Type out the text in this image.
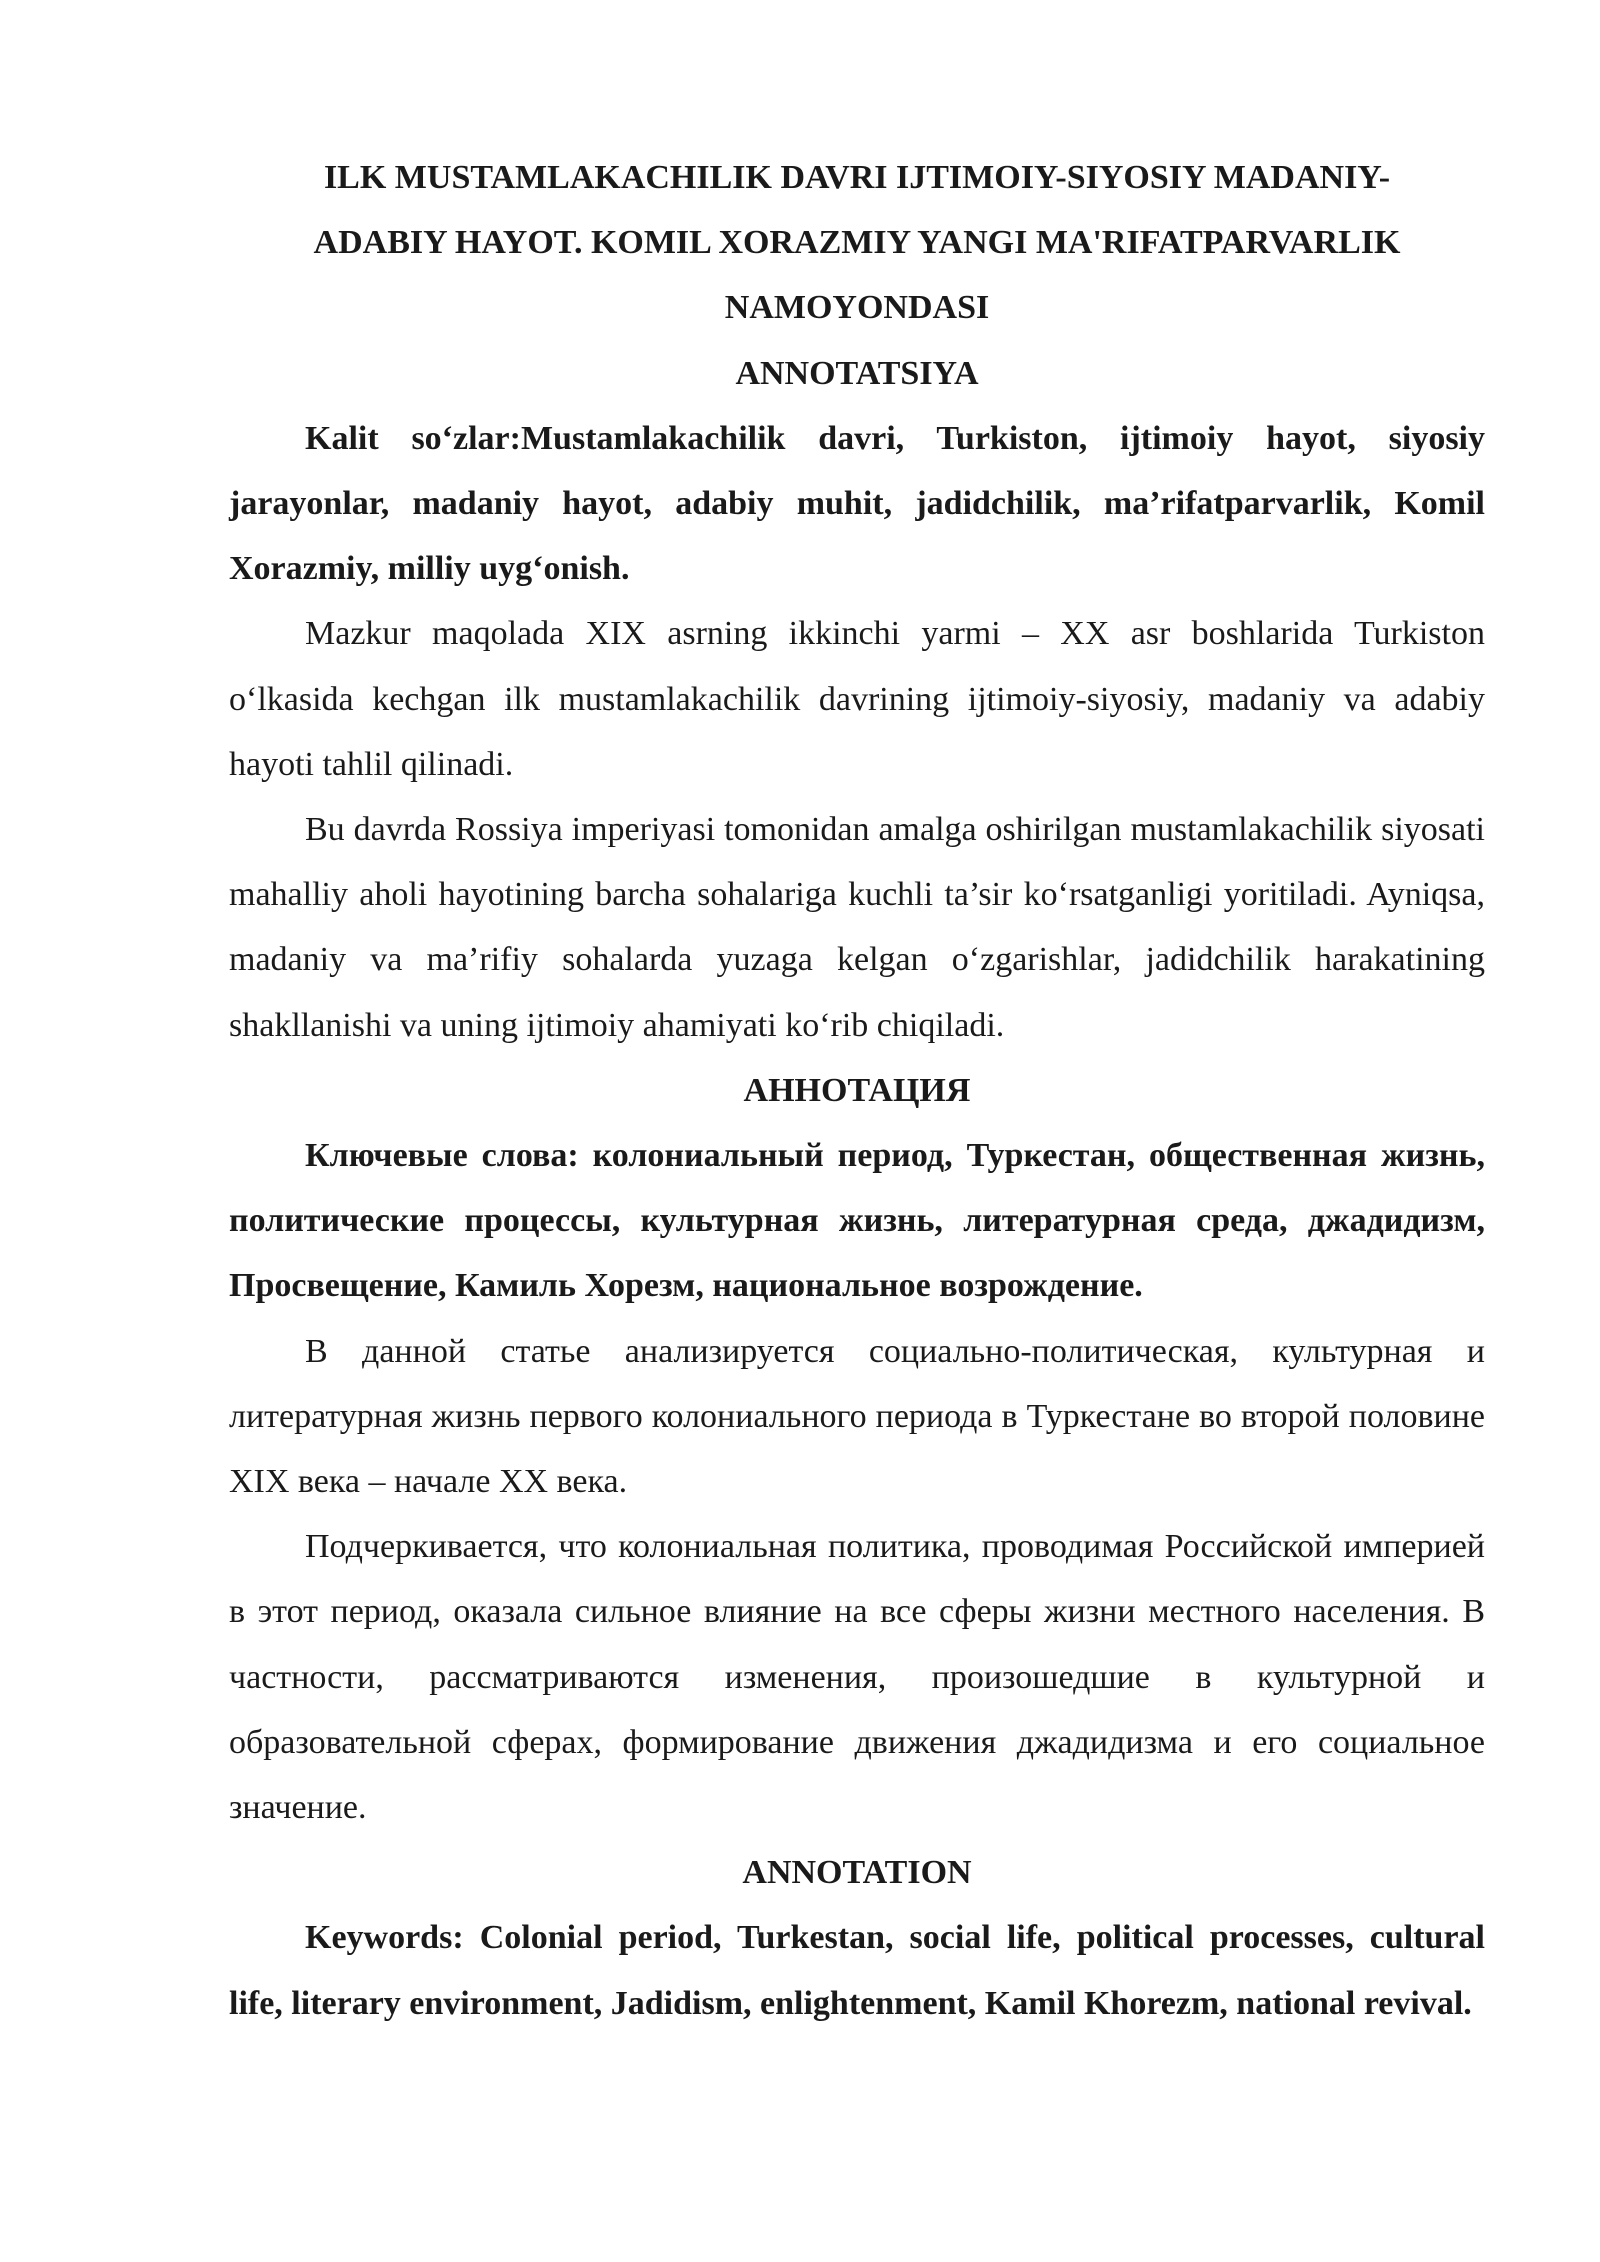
ILK MUSTAMLAKACHILIK DAVRI IJTIMOIY-SIYOSIY MADANIY-ADABIY HAYOT. KOMIL XORAZMIY YANGI MA'RIFATPARVARLIK NAMOYONDASI
ANNOTATSIYA

Kalit so‘zlar:Mustamlakachilik davri, Turkiston, ijtimoiy hayot, siyosiy jarayonlar, madaniy hayot, adabiy muhit, jadidchilik, ma’rifatparvarlik, Komil Xorazmiy, milliy uyg‘onish.

Mazkur maqolada XIX asrning ikkinchi yarmi – XX asr boshlarida Turkiston o‘lkasida kechgan ilk mustamlakachilik davrining ijtimoiy-siyosiy, madaniy va adabiy hayoti tahlil qilinadi.

Bu davrda Rossiya imperiyasi tomonidan amalga oshirilgan mustamlakachilik siyosati mahalliy aholi hayotining barcha sohalariga kuchli ta’sir ko‘rsatganligi yoritiladi. Ayniqsa, madaniy va ma’rifiy sohalarda yuzaga kelgan o‘zgarishlar, jadidchilik harakatining shakllanishi va uning ijtimoiy ahamiyati ko‘rib chiqiladi.

АННОТАЦИЯ

Ключевые слова: колониальный период, Туркестан, общественная жизнь, политические процессы, культурная жизнь, литературная среда, джадидизм, Просвещение, Камиль Хорезм, национальное возрождение.

В данной статье анализируется социально-политическая, культурная и литературная жизнь первого колониального периода в Туркестане во второй половине XIX века – начале XX века.

Подчеркивается, что колониальная политика, проводимая Российской империей в этот период, оказала сильное влияние на все сферы жизни местного населения. В частности, рассматриваются изменения, произошедшие в культурной и образовательной сферах, формирование движения джадидизма и его социальное значение.

ANNOTATION

Keywords: Colonial period, Turkestan, social life, political processes, cultural life, literary environment, Jadidism, enlightenment, Kamil Khorezm, national revival.
